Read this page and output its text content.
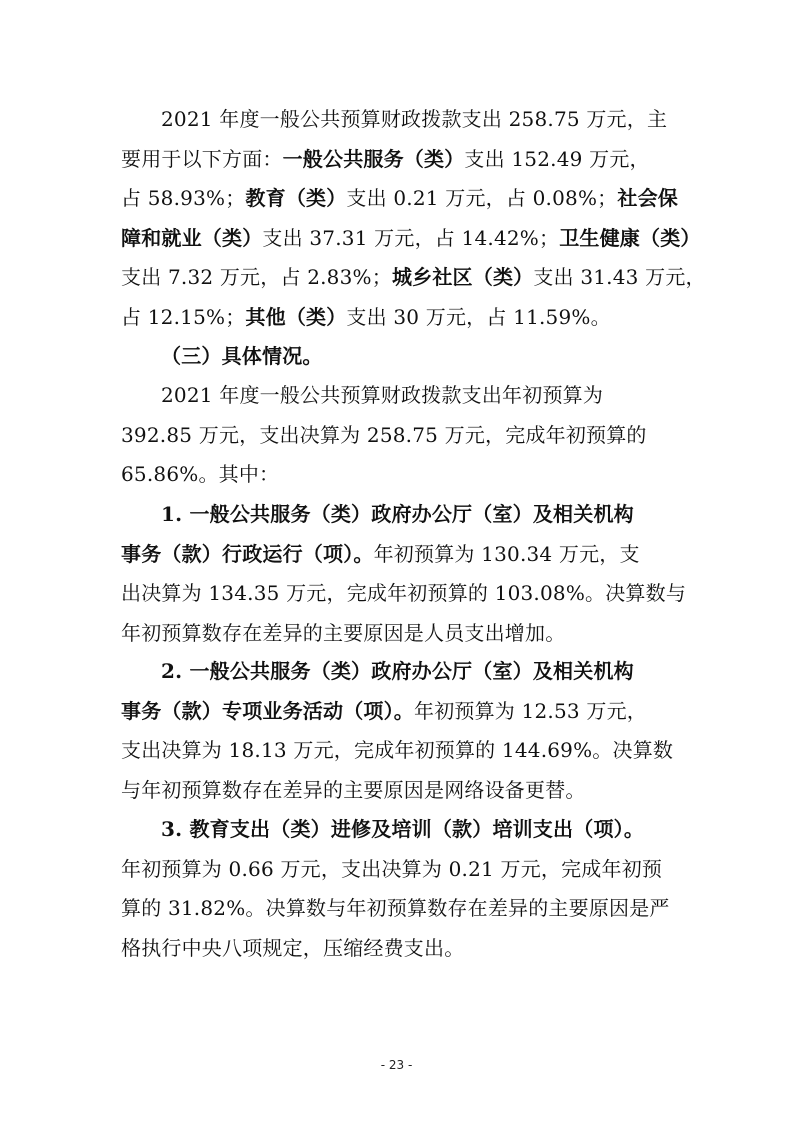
2021 年度一般公共预算财政拨款支出 258.75 万元，主
要用于以下方面：一般公共服务（类）支出 152.49 万元，
占 58.93%；教育（类）支出 0.21 万元，占 0.08%；社会保
障和就业（类）支出 37.31 万元，占 14.42%；卫生健康（类）
支出 7.32 万元，占 2.83%；城乡社区（类）支出 31.43 万元，
占 12.15%；其他（类）支出 30 万元，占 11.59%。
（三）具体情况。
2021 年度一般公共预算财政拨款支出年初预算为
392.85 万元，支出决算为 258.75 万元，完成年初预算的
65.86%。其中：
1. 一般公共服务（类）政府办公厅（室）及相关机构
事务（款）行政运行（项）。年初预算为 130.34 万元，支
出决算为 134.35 万元，完成年初预算的 103.08%。决算数与
年初预算数存在差异的主要原因是人员支出增加。
2. 一般公共服务（类）政府办公厅（室）及相关机构
事务（款）专项业务活动（项）。年初预算为 12.53 万元，
支出决算为 18.13 万元，完成年初预算的 144.69%。决算数
与年初预算数存在差异的主要原因是网络设备更替。
3. 教育支出（类）进修及培训（款）培训支出（项）。
年初预算为 0.66 万元，支出决算为 0.21 万元，完成年初预
算的 31.82%。决算数与年初预算数存在差异的主要原因是严
格执行中央八项规定，压缩经费支出。
- 23 -
